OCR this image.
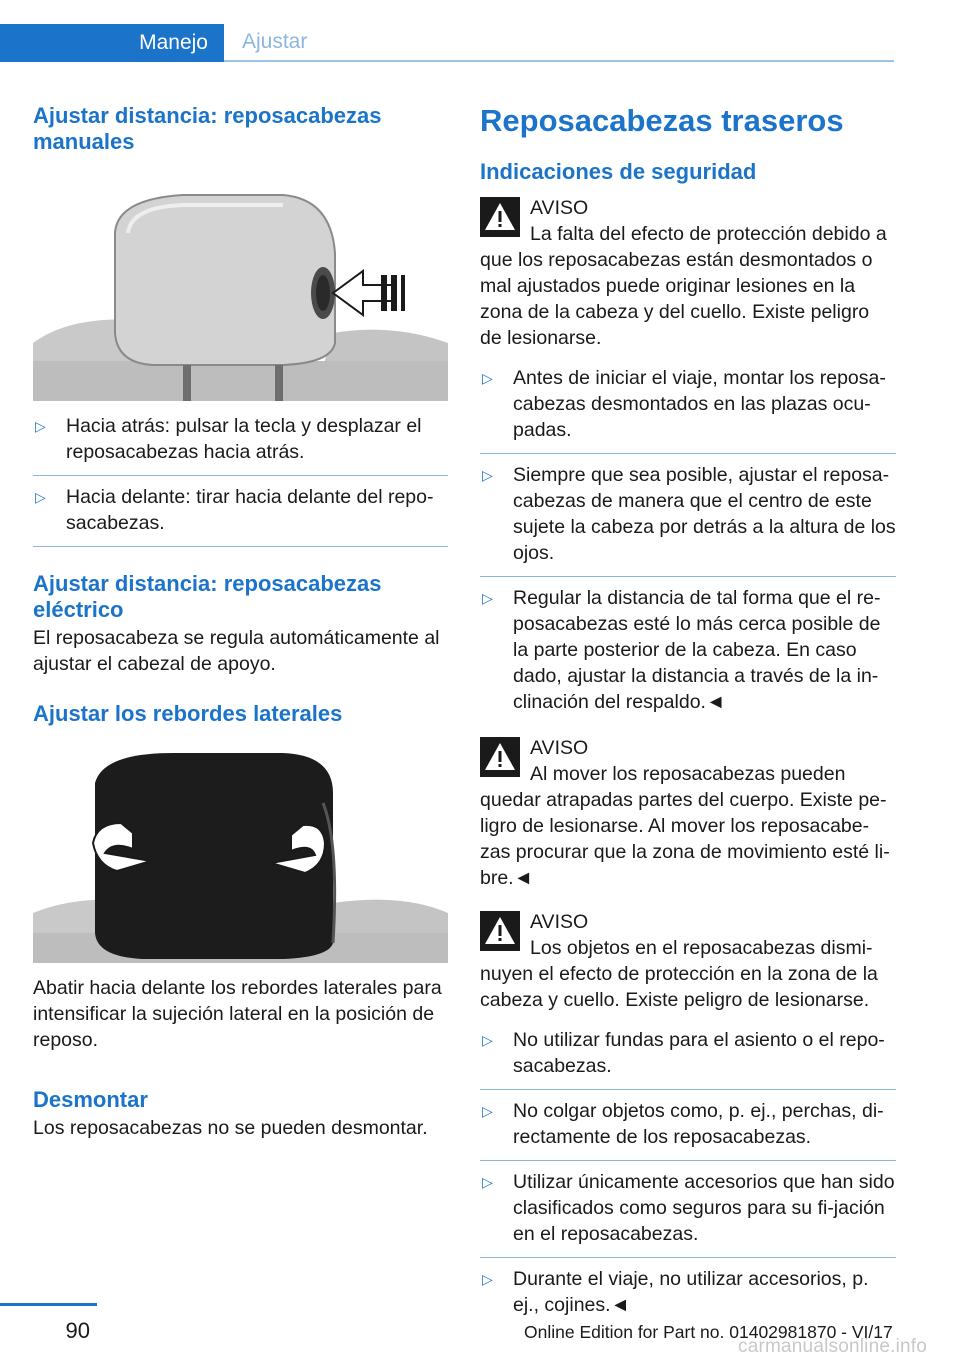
Manejo	Ajustar
Ajustar distancia: reposacabezas manuales
▷	Hacia atrás: pulsar la tecla y desplazar el reposacabezas hacia atrás.
▷	Hacia delante: tirar hacia delante del repo-sacabezas.
Ajustar distancia: reposacabezas eléctrico

El reposacabeza se regula automáticamente al ajustar el cabezal de apoyo.

Ajustar los rebordes laterales

Abatir hacia delante los rebordes laterales para intensificar la sujeción lateral en la posición de reposo.

Desmontar

Los reposacabezas no se pueden desmontar.

Reposacabezas traseros
Indicaciones de seguridad
AVISO
La falta del efecto de protección debido a
que los reposacabezas están desmontados o mal ajustados puede originar lesiones en la zona de la cabeza y del cuello. Existe peligro de lesionarse.
▷	Antes de iniciar el viaje, montar los reposa-cabezas desmontados en las plazas ocu-padas.
▷	Siempre que sea posible, ajustar el reposa-cabezas de manera que el centro de este sujete la cabeza por detrás a la altura de los ojos.
▷	Regular la distancia de tal forma que el re-posacabezas esté lo más cerca posible de la parte posterior de la cabeza. En caso dado, ajustar la distancia a través de la in-clinación del respaldo.◄
AVISO
Al mover los reposacabezas pueden
quedar atrapadas partes del cuerpo. Existe pe-ligro de lesionarse. Al mover los reposacabe-zas procurar que la zona de movimiento esté li-bre.◄
AVISO
Los objetos en el reposacabezas dismi-
nuyen el efecto de protección en la zona de la cabeza y cuello. Existe peligro de lesionarse.
▷	No utilizar fundas para el asiento o el repo-sacabezas.
▷	No colgar objetos como, p. ej., perchas, di-rectamente de los reposacabezas.
▷	Utilizar únicamente accesorios que han sido clasificados como seguros para su fi-jación en el reposacabezas.
▷	Durante el viaje, no utilizar accesorios, p. ej., cojines.◄
90	Online Edition for Part no. 01402981870 - VI/17
carmanualsonline.info
